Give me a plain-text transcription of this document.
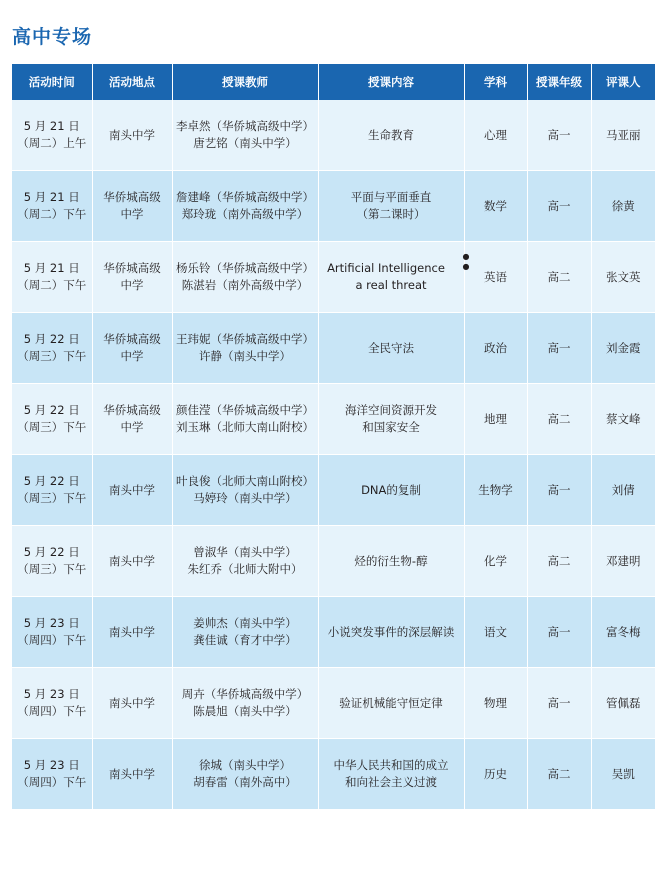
高中专场
活动时间	活动地点	授课教师	授课内容	学科	授课年级	评课人

5 月 21 日
（周二）上午	南头中学	李卓然（华侨城高级中学）
唐艺铭（南头中学）	生命教育	心理	高一	马亚丽

5 月 21 日
（周二）下午	华侨城高级
中学	詹建峰（华侨城高级中学）
郑玲珑（南外高级中学）	平面与平面垂直
（第二课时）	数学	高一	徐黄

5 月 21 日
（周二）下午	华侨城高级
中学	杨乐铃（华侨城高级中学）
陈湛岩（南外高级中学）	Artificial Intelligence
●
●
a real threat	英语	高二	张文英

5 月 22 日
（周三）下午	华侨城高级
中学	王玮妮（华侨城高级中学）
许静（南头中学）	全民守法	政治	高一	刘金霞

5 月 22 日
（周三）下午	华侨城高级
中学	颜佳滢（华侨城高级中学）
刘玉琳（北师大南山附校）	海洋空间资源开发
和国家安全	地理	高二	蔡文峰

5 月 22 日
（周三）下午	南头中学	叶良俊（北师大南山附校）
马婷玲（南头中学）	DNA的复制	生物学	高一	刘倩

5 月 22 日
（周三）下午	南头中学	曾淑华（南头中学）
朱红乔（北师大附中）	烃的衍生物-醇	化学	高二	邓建明

5 月 23 日
（周四）下午	南头中学	姜帅杰（南头中学）
龚佳诚（育才中学）	小说突发事件的深层解读	语文	高一	富冬梅

5 月 23 日
（周四）下午	南头中学	周卉（华侨城高级中学）
陈晨旭（南头中学）	验证机械能守恒定律	物理	高一	管佩磊

5 月 23 日
（周四）下午	南头中学	徐城（南头中学）
胡春雷（南外高中）	中华人民共和国的成立
和向社会主义过渡	历史	高二	吴凯
